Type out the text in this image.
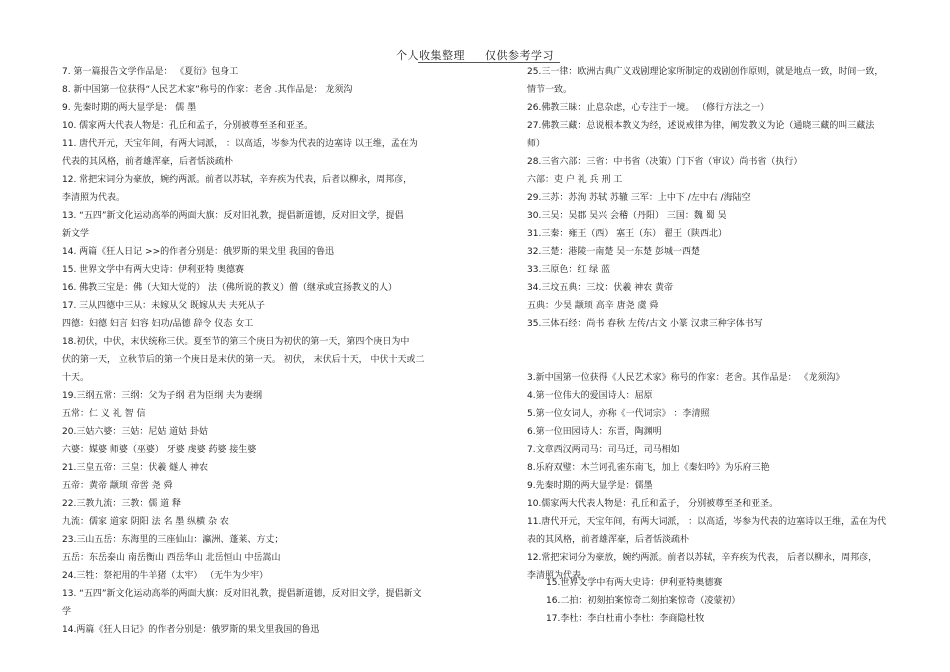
个人收集整理 仅供参考学习
7. 第一篇报告文学作品是： 《夏衍》包身工
8. 新中国第一位获得“人民艺术家”称号的作家：老舍 .其作品是： 龙须沟
9. 先秦时期的两大显学是： 儒 墨
10. 儒家两大代表人物是：孔丘和孟子，分别被尊至圣和亚圣。
11. 唐代开元，天宝年间，有两大词派， ：以高适，岑参为代表的边塞诗 以王维，孟在为
代表的其风格，前者雄浑豪，后者恬淡疏朴
12. 常把宋词分为豪放，婉约两派。前者以苏轼，辛弃疾为代表，后者以柳永，周邦彦，
李清照为代表。
13. “五四”新文化运动高举的两面大旗：反对旧礼教，提倡新道德，反对旧文学，提倡
新文学
14. 两篇《狂人日记 >>的作者分别是：俄罗斯的果戈里 我国的鲁迅
15. 世界文学中有两大史诗：伊利亚特 奥德赛
16. 佛教三宝是：佛（大知大觉的） 法（佛所说的教义）僧（继承或宣扬教义的人）
17. 三从四德中三从：未嫁从父 既嫁从夫 夫死从子
四德：妇德 妇言 妇容 妇功/品德 辞令 仪态 女工
18.初伏，中伏，末伏统称三伏。夏至节的第三个庚日为初伏的第一天，第四个庚日为中
伏的第一天， 立秋节后的第一个庚日是末伏的第一天。 初伏， 末伏后十天， 中伏十天或二
十天。
19.三纲五常：三纲：父为子纲 君为臣纲 夫为妻纲
五常：仁 义 礼 智 信
20.三姑六婆：三姑：尼姑 道姑 卦姑
六婆：媒婆 师婆（巫婆） 牙婆 虔婆 药婆 接生婆
21.三皇五帝：三皇：伏羲 燧人 神农
五帝：黄帝 颛顼 帝喾 尧 舜
22.三教九流：三教：儒 道 释
九流：儒家 道家 阴阳 法 名 墨 纵横 杂 农
23.三山五岳：东海里的三座仙山：瀛洲、蓬莱、方丈；
五岳：东岳泰山 南岳衡山 西岳华山 北岳恒山 中岳嵩山
24.三牲：祭祀用的牛羊猪（太牢） （无牛为少牢）
13. “五四”新文化运动高举的两面大旗：反对旧礼教，提倡新道德，反对旧文学，提倡新文
学
14.两篇《狂人日记》的作者分别是：俄罗斯的果戈里我国的鲁迅
25.三一律：欧洲古典广义戏剧理论家所制定的戏剧创作原则，就是地点一致，时间一致，
情节一致。
26.佛教三昧：止息杂虑，心专注于一境。 （修行方法之一）
27.佛教三藏：总说根本教义为经，述说戒律为律，阐发教义为论（通晓三藏的叫三藏法
师）
28.三省六部：三省：中书省（决策）门下省（审议）尚书省（执行）
六部：吏 户 礼 兵 刑 工
29.三苏：苏洵 苏轼 苏辙 三军：上中下 /左中右 /海陆空
30.三吴：吴郡 吴兴 会稽（丹阳） 三国：魏 蜀 吴
31.三秦：雍王（西） 塞王（东） 翟王（陕西北）
32.三楚：港陵一南楚 吴一东楚 彭城一西楚
33.三原色：红 绿 蓝
34.三坟五典：三坟：伏羲 神农 黄帝
五典：少昊 颛顼 高辛 唐尧 虞 舜
35.三体石经：尚书 春秋 左传/古文 小篆 汉隶三种字体书写
3.新中国第一位获得《人民艺术家》称号的作家：老舍。其作品是： 《龙须沟》
4.第一位伟大的爱国诗人：屈原
5.第一位女词人，亦称《一代词宗》 ：李清照
6.第一位田园诗人：东晋，陶渊明
7.文章西汉两司马：司马迁，司马相如
8.乐府双璧：木兰诃孔雀东南飞，加上《秦妇吟》为乐府三艳
9.先秦时期的两大显学是：儒墨
10.儒家两大代表人物是：孔丘和孟子， 分别被尊至圣和亚圣。
11.唐代开元，天宝年间，有两大词派， ：以高适，岑参为代表的边塞诗以王维，孟在为代
表的其风格，前者雄浑豪，后者恬淡疏朴
12.常把宋词分为豪放，婉约两派。前者以苏轼，辛弃疾为代表， 后者以柳永，周邦彦，
李清照为代表。
15.世界文学中有两大史诗：伊利亚特奥德赛
16.二拍：初刻拍案惊奇二刻拍案惊奇（凌蒙初）
17.李杜：李白杜甫小李杜：李商隐杜牧
